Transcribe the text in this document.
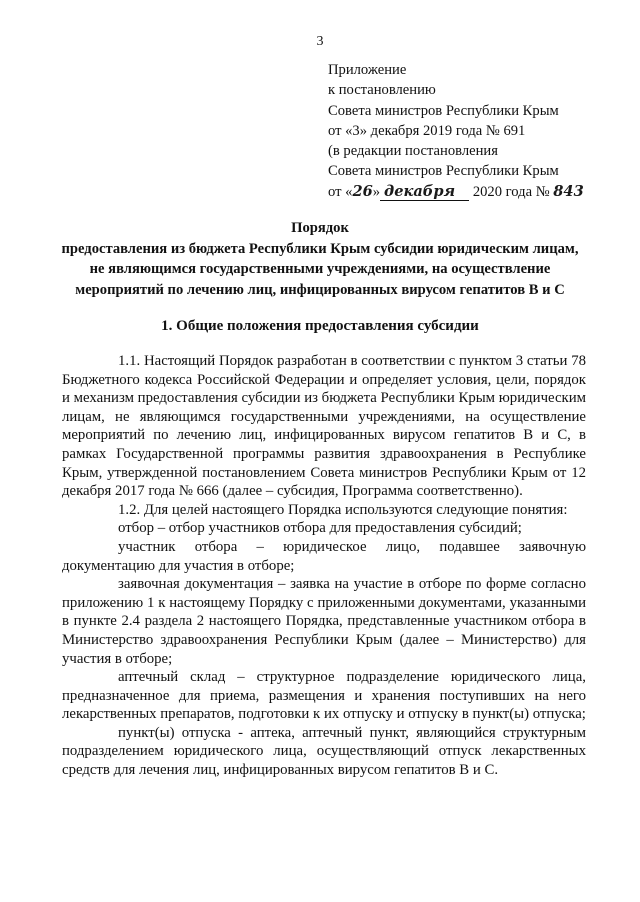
3
Приложение
к постановлению
Совета министров Республики Крым
от «3» декабря 2019 года № 691
(в редакции постановления
Совета министров Республики Крым
от «26» декабря 2020 года № 843
Порядок
предоставления из бюджета Республики Крым субсидии юридическим лицам, не являющимся государственными учреждениями, на осуществление мероприятий по лечению лиц, инфицированных вирусом гепатитов В и С
1. Общие положения предоставления субсидии

1.1. Настоящий Порядок разработан в соответствии с пунктом 3 статьи 78 Бюджетного кодекса Российской Федерации и определяет условия, цели, порядок и механизм предоставления субсидии из бюджета Республики Крым юридическим лицам, не являющимся государственными учреждениями, на осуществление мероприятий по лечению лиц, инфицированных вирусом гепатитов В и С, в рамках Государственной программы развития здравоохранения в Республике Крым, утвержденной постановлением Совета министров Республики Крым от 12 декабря 2017 года № 666 (далее – субсидия, Программа соответственно).

1.2. Для целей настоящего Порядка используются следующие понятия:

отбор – отбор участников отбора для предоставления субсидий;

участник отбора – юридическое лицо, подавшее заявочную документацию для участия в отборе;

заявочная документация – заявка на участие в отборе по форме согласно приложению 1 к настоящему Порядку с приложенными документами, указанными в пункте 2.4 раздела 2 настоящего Порядка, представленные участником отбора в Министерство здравоохранения Республики Крым (далее – Министерство) для участия в отборе;

аптечный склад – структурное подразделение юридического лица, предназначенное для приема, размещения и хранения поступивших на него лекарственных препаратов, подготовки к их отпуску и отпуску в пункт(ы) отпуска;

пункт(ы) отпуска - аптека, аптечный пункт, являющийся структурным подразделением юридического лица, осуществляющий отпуск лекарственных средств для лечения лиц, инфицированных вирусом гепатитов В и С.
